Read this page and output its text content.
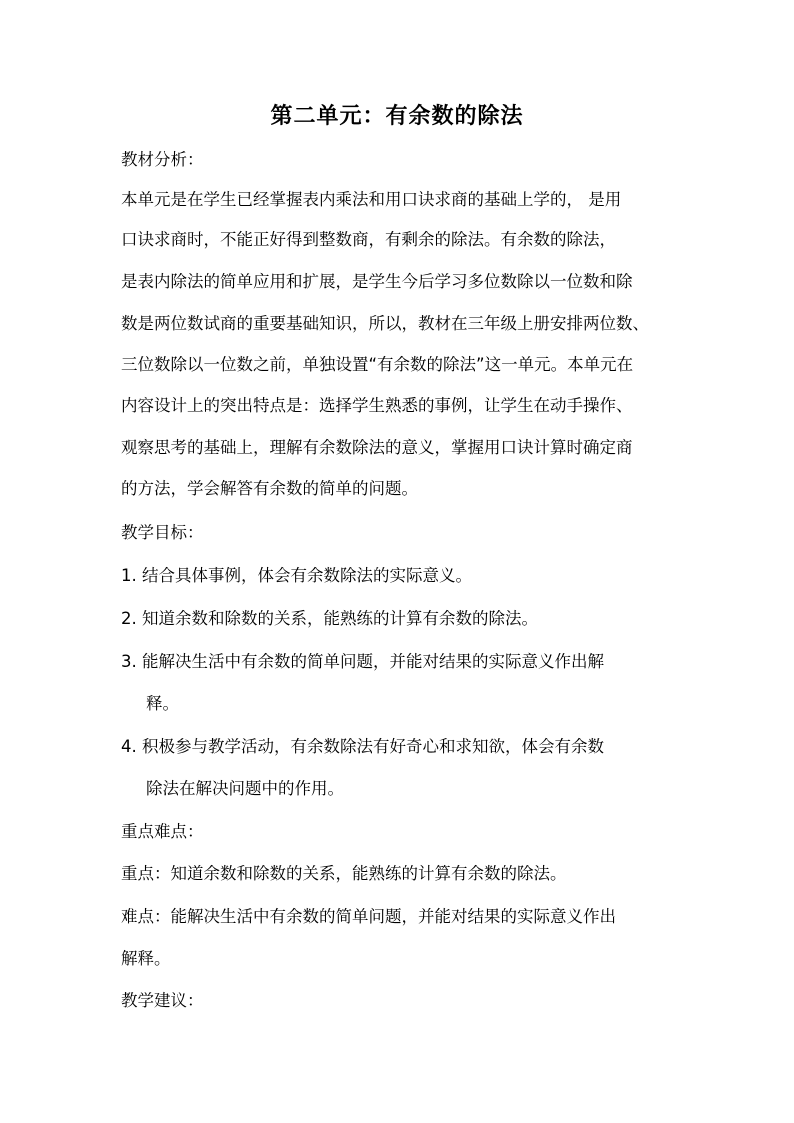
第二单元：有余数的除法
教材分析：
本单元是在学生已经掌握表内乘法和用口诀求商的基础上学的， 是用
口诀求商时，不能正好得到整数商，有剩余的除法。有余数的除法，
是表内除法的简单应用和扩展，是学生今后学习多位数除以一位数和除
数是两位数试商的重要基础知识，所以，教材在三年级上册安排两位数、
三位数除以一位数之前，单独设置“有余数的除法”这一单元。本单元在
内容设计上的突出特点是：选择学生熟悉的事例，让学生在动手操作、
观察思考的基础上，理解有余数除法的意义，掌握用口诀计算时确定商
的方法，学会解答有余数的简单的问题。
教学目标：
1. 结合具体事例，体会有余数除法的实际意义。
2. 知道余数和除数的关系，能熟练的计算有余数的除法。
3. 能解决生活中有余数的简单问题，并能对结果的实际意义作出解
释。
4. 积极参与教学活动，有余数除法有好奇心和求知欲，体会有余数
除法在解决问题中的作用。
重点难点：
重点：知道余数和除数的关系，能熟练的计算有余数的除法。
难点：能解决生活中有余数的简单问题，并能对结果的实际意义作出
解释。
教学建议：
